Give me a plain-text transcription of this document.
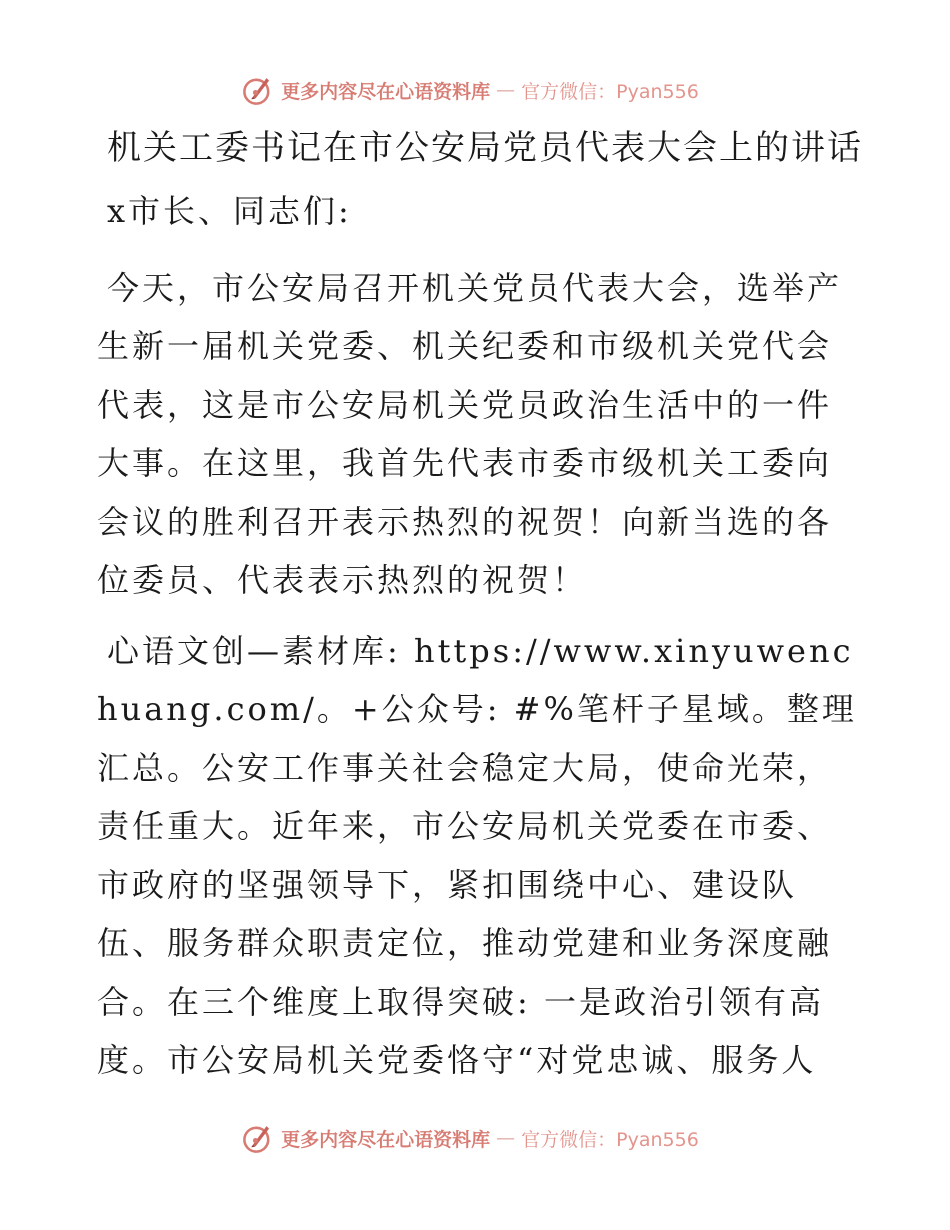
更多内容尽在心语资料库 — 官方微信：Pyan556
机关工委书记在市公安局党员代表大会上的讲话

x市长、同志们:

今天，市公安局召开机关党员代表大会，选举产生新一届机关党委、机关纪委和市级机关党代会代表，这是市公安局机关党员政治生活中的一件大事。在这里，我首先代表市委市级机关工委向会议的胜利召开表示热烈的祝贺！向新当选的各位委员、代表表示热烈的祝贺！

心语文创—素材库: https://www.xinyuwenchuang.com/。+公众号: #%笔杆子星域。整理汇总。公安工作事关社会稳定大局，使命光荣，责任重大。近年来，市公安局机关党委在市委、市政府的坚强领导下，紧扣围绕中心、建设队伍、服务群众职责定位，推动党建和业务深度融合。在三个维度上取得突破: 一是政治引领有高度。市公安局机关党委恪守“对党忠诚、服务人

更多内容尽在心语资料库 — 官方微信：Pyan556
